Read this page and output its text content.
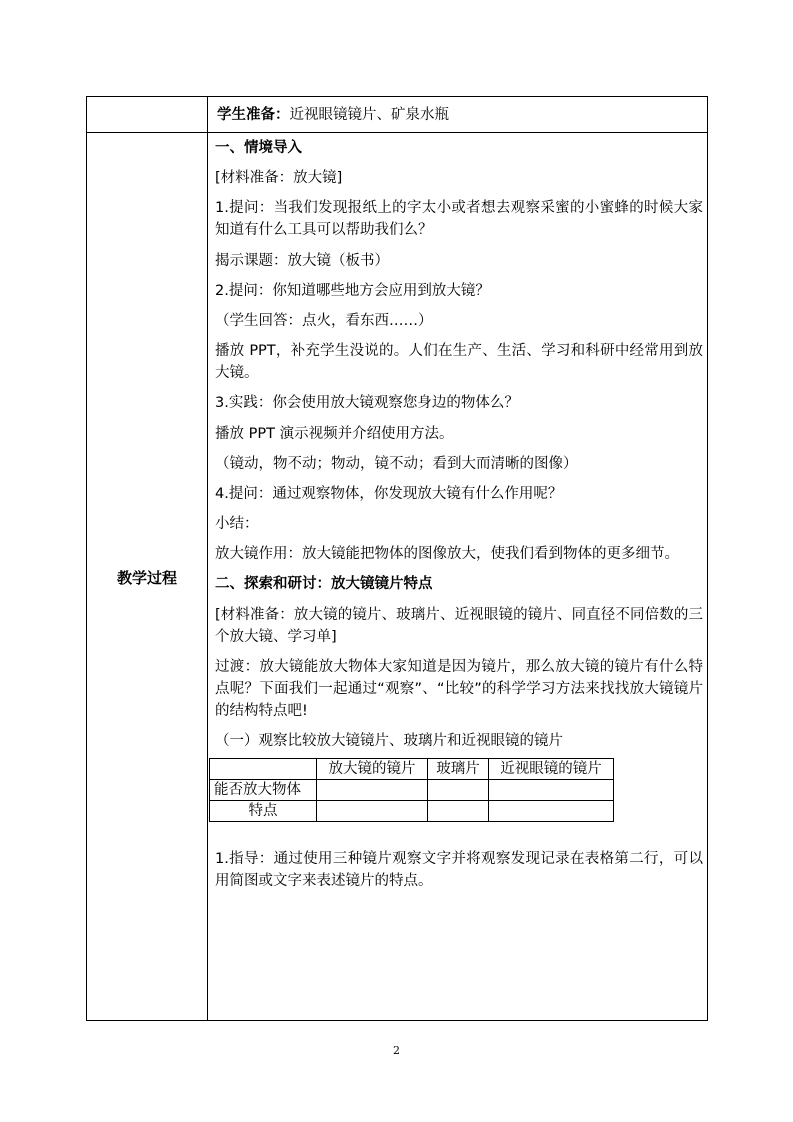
学生准备：近视眼镜镜片、矿泉水瓶
教学过程
一、情境导入
[材料准备：放大镜]
1.提问：当我们发现报纸上的字太小或者想去观察采蜜的小蜜蜂的时候大家知道有什么工具可以帮助我们么？
揭示课题：放大镜（板书）
2.提问：你知道哪些地方会应用到放大镜？
（学生回答：点火，看东西……）
播放 PPT，补充学生没说的。人们在生产、生活、学习和科研中经常用到放大镜。
3.实践：你会使用放大镜观察您身边的物体么？
播放 PPT 演示视频并介绍使用方法。
（镜动，物不动；物动，镜不动；看到大而清晰的图像）
4.提问：通过观察物体，你发现放大镜有什么作用呢？
小结：
放大镜作用：放大镜能把物体的图像放大，使我们看到物体的更多细节。
二、探索和研讨：放大镜镜片特点
[材料准备：放大镜的镜片、玻璃片、近视眼镜的镜片、同直径不同倍数的三个放大镜、学习单]
过渡：放大镜能放大物体大家知道是因为镜片，那么放大镜的镜片有什么特点呢？下面我们一起通过“观察”、“比较”的科学学习方法来找找放大镜镜片的结构特点吧!
（一）观察比较放大镜镜片、玻璃片和近视眼镜的镜片
	放大镜的镜片	玻璃片	近视眼镜的镜片
能否放大物体			
特点			
1.指导：通过使用三种镜片观察文字并将观察发现记录在表格第二行，可以用简图或文字来表述镜片的特点。
2
